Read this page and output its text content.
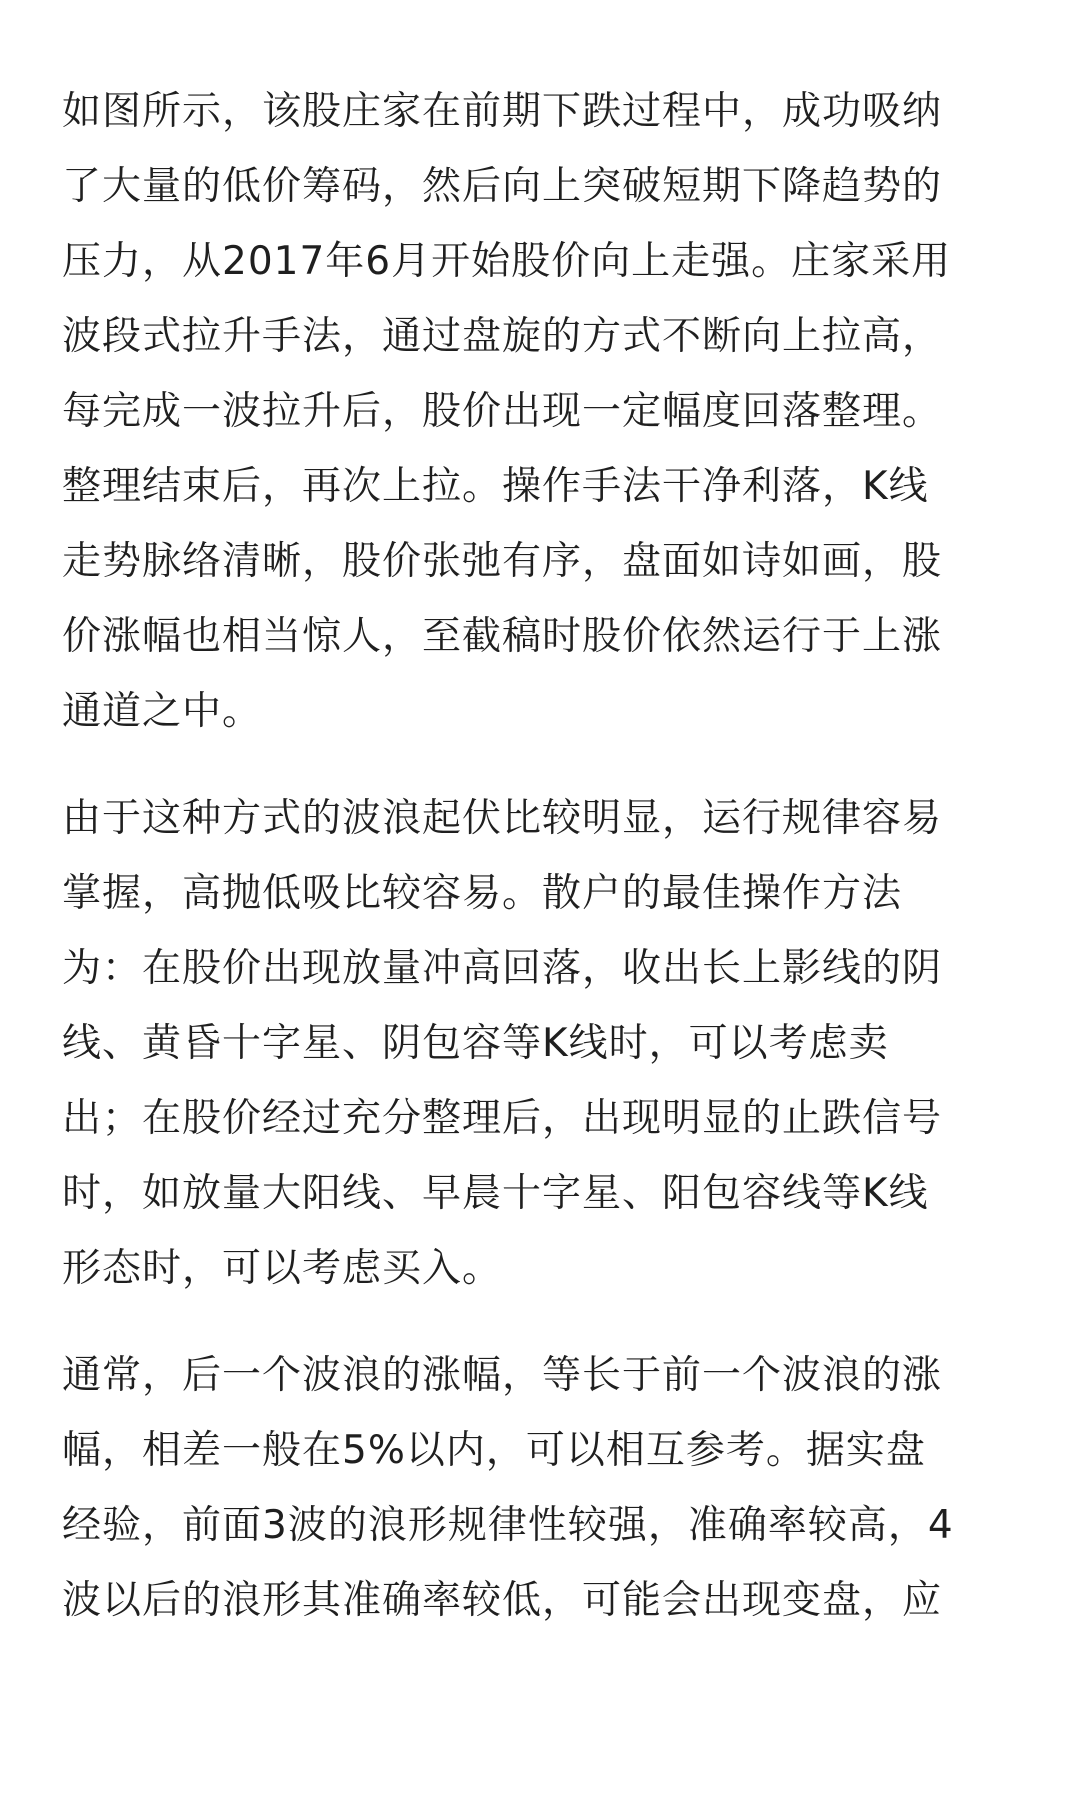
如图所示，该股庄家在前期下跌过程中，成功吸纳
了大量的低价筹码，然后向上突破短期下降趋势的
压力，从2017年6月开始股价向上走强。庄家采用
波段式拉升手法，通过盘旋的方式不断向上拉高，
每完成一波拉升后，股价出现一定幅度回落整理。
整理结束后，再次上拉。操作手法干净利落，K线
走势脉络清晰，股价张弛有序，盘面如诗如画，股
价涨幅也相当惊人，至截稿时股价依然运行于上涨
通道之中。

由于这种方式的波浪起伏比较明显，运行规律容易
掌握，高抛低吸比较容易。散户的最佳操作方法
为：在股价出现放量冲高回落，收出长上影线的阴
线、黄昏十字星、阴包容等K线时，可以考虑卖
出；在股价经过充分整理后，出现明显的止跌信号
时，如放量大阳线、早晨十字星、阳包容线等K线
形态时，可以考虑买入。

通常，后一个波浪的涨幅，等长于前一个波浪的涨
幅，相差一般在5%以内，可以相互参考。据实盘
经验，前面3波的浪形规律性较强，准确率较高，4
波以后的浪形其准确率较低，可能会出现变盘，应
